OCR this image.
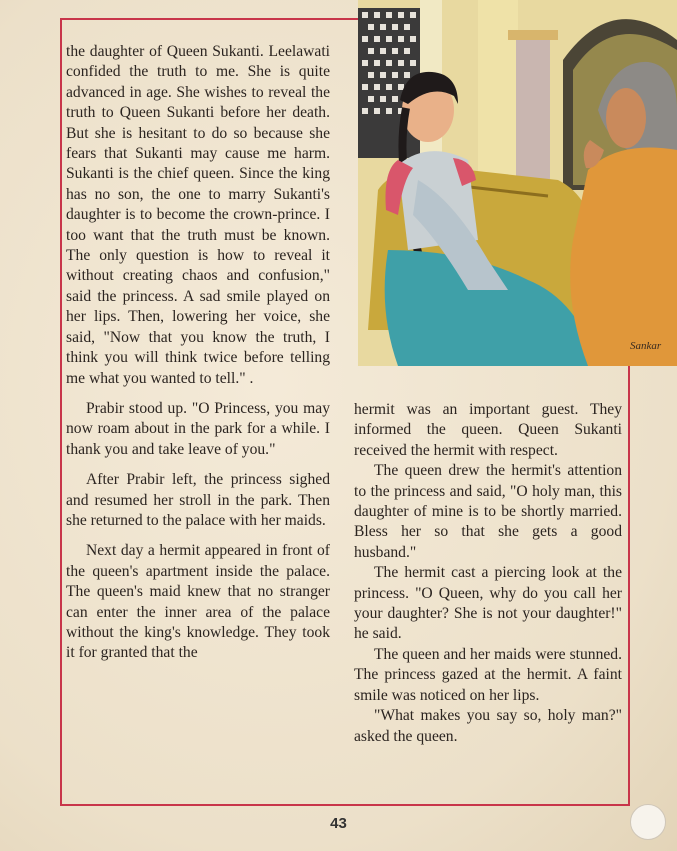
Sankar

the daughter of Queen Sukanti. Leelawati confided the truth to me. She is quite advanced in age. She wishes to reveal the truth to Queen Sukanti before her death. But she is hesitant to do so because she fears that Sukanti may cause me harm. Sukanti is the chief queen. Since the king has no son, the one to marry Sukanti's daughter is to become the crown-prince. I too want that the truth must be known. The only question is how to reveal it without creating chaos and confusion," said the princess. A sad smile played on her lips. Then, lowering her voice, she said, "Now that you know the truth, I think you will think twice before telling me what you wanted to tell." .

Prabir stood up. "O Princess, you may now roam about in the park for a while. I thank you and take leave of you."

After Prabir left, the princess sighed and resumed her stroll in the park. Then she returned to the palace with her maids.

Next day a hermit appeared in front of the queen's apartment inside the palace. The queen's maid knew that no stranger can enter the inner area of the palace without the king's knowledge. They took it for granted that the

hermit was an important guest. They informed the queen. Queen Sukanti received the hermit with respect.

The queen drew the hermit's attention to the princess and said, "O holy man, this daughter of mine is to be shortly married. Bless her so that she gets a good husband."

The hermit cast a piercing look at the princess. "O Queen, why do you call her your daughter? She is not your daughter!" he said.

The queen and her maids were stunned. The princess gazed at the hermit. A faint smile was noticed on her lips.

"What makes you say so, holy man?" asked the queen.

43
